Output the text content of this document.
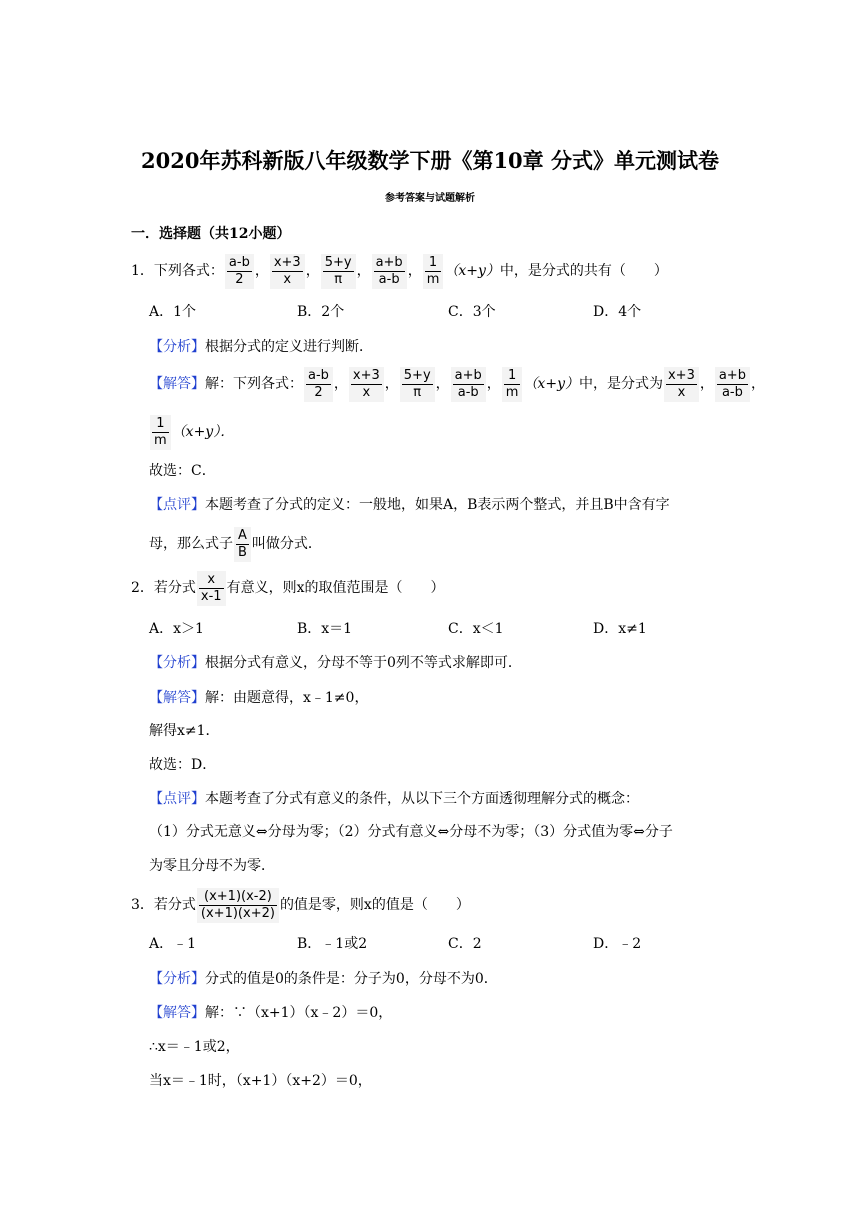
2020年苏科新版八年级数学下册《第10章 分式》单元测试卷
参考答案与试题解析
一．选择题（共12小题）
1．下列各式： $\frac{a-b}{2}$ ， $\frac{x+3}{x}$ ， $\frac{5+y}{\pi}$ ， $\frac{a+b}{a-b}$ ， $\frac{1}{m} (x+y)$中，是分式的共有（　　）
A．1个	B．2个	C．3个	D．4个
【分析】根据分式的定义进行判断．
【解答】解：下列各式： $\frac{a-b}{2}$ ， $\frac{x+3}{x}$ ， $\frac{5+y}{\pi}$ ， $\frac{a+b}{a-b}$ ， $\frac{1}{m} (x+y)$中，是分式为 $\frac{x+3}{x}$ ， $\frac{a+b}{a-b}$ ，
$\frac{1}{m} (x+y)$．
故选：C．
【点评】本题考查了分式的定义：一般地，如果A，B表示两个整式，并且B中含有字
母，那么式子 $\frac{A}{B}$ 叫做分式．
2．若分式 $\frac{x}{x-1}$ 有意义，则x的取值范围是（　　）
A．x＞1	B．x＝1	C．x＜1	D．x≠1
【分析】根据分式有意义，分母不等于0列不等式求解即可．
【解答】解：由题意得，x﹣1≠0，
解得x≠1．
故选：D．
【点评】本题考查了分式有意义的条件，从以下三个方面透彻理解分式的概念：
（1）分式无意义⇔分母为零；（2）分式有意义⇔分母不为零；（3）分式值为零⇔分子
为零且分母不为零．
3．若分式 $\frac{(x+1)(x-2)}{(x+1)(x+2)}$ 的值是零，则x的值是（　　）
A．﹣1	B．﹣1或2	C．2	D．﹣2
【分析】分式的值是0的条件是：分子为0，分母不为0．
【解答】解：∵（x+1）（x﹣2）＝0，
∴x＝﹣1或2，
当x＝﹣1时，（x+1）（x+2）＝0，
